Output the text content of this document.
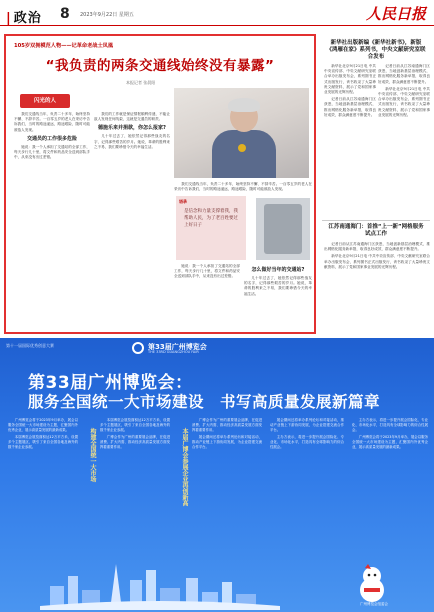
| 政治 8 2023年9月22日 星期五	人民日报
105岁双拥模范人物——记革命老战士凤凰
“我负责的两条交通线始终没有暴露”
本报记者 张晨阳
闪光的人

我们交通线当年，负责二十多年，始终坚持不懈、不辞辛苦。一百零五岁的老人在采访中告诉我们，当时的路途遥远，路途艰险，随时可能被敌人发现。

交通员的工作很多危险

她说：我一个人承担了交通站的全部工作，每天步行几十里，将文件和药品安全送到部队手中，从来没有出过差错。

我们的工作就是保证情报顺利传递，不能让敌人发现任何线索，这就是交通员的职责。

德施乐来并捐款，你怎么报家?

几十年过去了，她依然记得那些战友的名字，记得那些艰苦的岁月。她说，革命的胜利来之不易，我们要珍惜今天的幸福生活。

我们交通线当年，负责二十多年，始终坚持不懈、不辞辛苦。一百零五岁的老人在采访中告诉我们，当时的路途遥远，路途艰险，随时可能被敌人发现。

语录
是信念和力量支撑着我，我帮助人民，为了老百姓要过上好日子

她说：我一个人承担了交通站的全部工作，每天步行几十里，将文件和药品安全送到部队手中，从来没有出过差错。

怎么做好当年的交通站?

几十年过去了，她依然记得那些战友的名字，记得那些艰苦的岁月。她说，革命的胜利来之不易，我们要珍惜今天的幸福生活。

新华社出版新编《新华社新书》，新版《鸿雁在家》系列书，中央文献研究室联合发布

新华社北京9月21日电 中共中央宣传部、中央文献研究室联合举办出版发布会，系列图书正式出版发行，该书收录了大量珍贵文献资料，展示了党和国家事业发展的光辉历程。

记者日前从江苏南通海门区获悉，当地创新基层治理模式，推出网格化服务新举措，取得良好成效，群众满意度不断提升。

记者日前从江苏南通海门区获悉，当地创新基层治理模式，推出网格化服务新举措，取得良好成效，群众满意度不断提升。

新华社北京9月21日电 中共中央宣传部、中央文献研究室联合举办出版发布会，系列图书正式出版发行，该书收录了大量珍贵文献资料，展示了党和国家事业发展的光辉历程。

江苏南通海门：首推“上一新”网格服务试点工作

记者日前从江苏南通海门区获悉，当地创新基层治理模式，推出网格化服务新举措，取得良好成效，群众满意度不断提升。

新华社北京9月21日电 中共中央宣传部、中央文献研究室联合举办出版发布会，系列图书正式出版发行，该书收录了大量珍贵文献资料，展示了党和国家事业发展的光辉历程。

第十一届国际优秀创意大赛	第33届广州博览会
THE 33RD GUANGZHOU FAIR
第33届广州博览会：
服务全国统一大市场建设　书写高质量发展新篇章

广州博览会将于2023年9月举办，展会以服务全国统一大市场建设为主题，汇聚国内外优秀企业，展示高质量发展的最新成果。

本届博览会展览面积达12万平方米，设置多个主题展区，吸引了来自全国各地及海外的数千家企业参展。	构建全国统一大市场

本届博览会展览面积达12万平方米，设置多个主题展区，吸引了来自全国各地及海外的数千家企业参展。

广博会作为广州的重要展会品牌，在促进消费、扩大内需、推动经济高质量发展方面发挥着重要作用。	本届广博会参展企业再创新高

广博会作为广州的重要展会品牌，在促进消费、扩大内需、推动经济高质量发展方面发挥着重要作用。

展会期间还将举办系列论坛和对接活动，推动产业链上下游协同发展，为企业搭建交流合作平台。

展会期间还将举办系列论坛和对接活动，推动产业链上下游协同发展，为企业搭建交流合作平台。

主办方表示，将进一步提升展会国际化、专业化、市场化水平，打造具有全球影响力的综合性展会。

主办方表示，将进一步提升展会国际化、专业化、市场化水平，打造具有全球影响力的综合性展会。

广州博览会将于2023年9月举办，展会以服务全国统一大市场建设为主题，汇聚国内外优秀企业，展示高质量发展的最新成果。

广州博览会组委会
